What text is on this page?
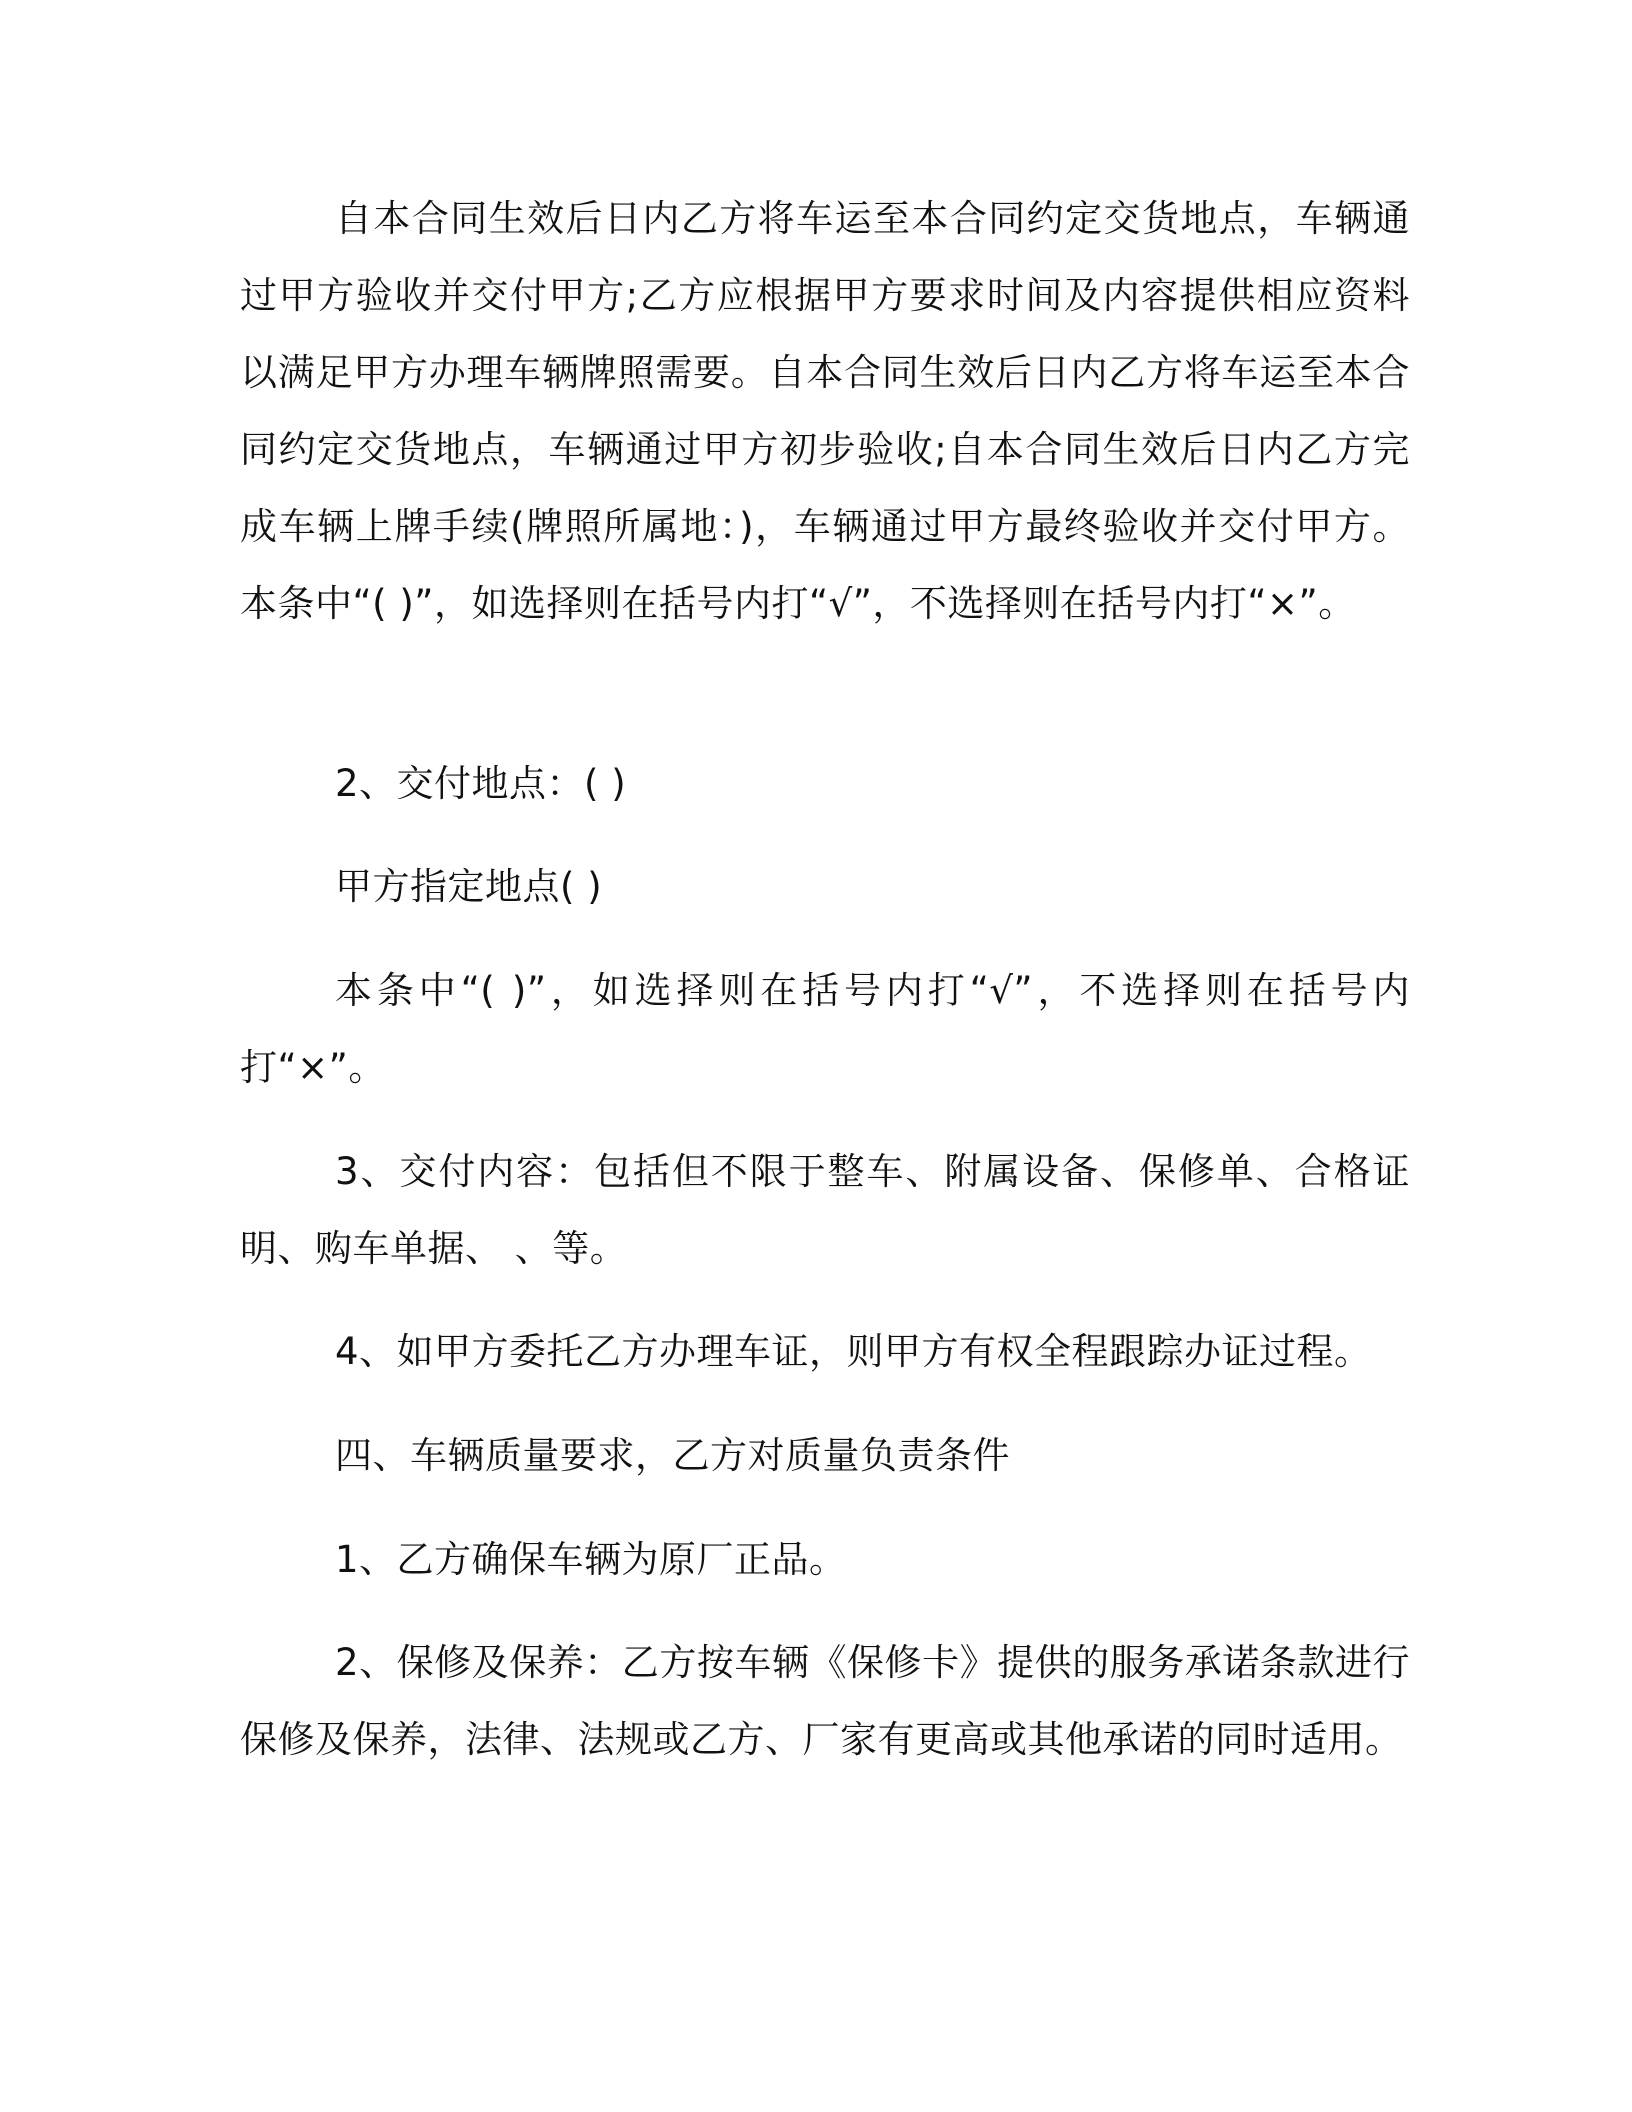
自本合同生效后日内乙方将车运至本合同约定交货地点，车辆通过甲方验收并交付甲方;乙方应根据甲方要求时间及内容提供相应资料以满足甲方办理车辆牌照需要。自本合同生效后日内乙方将车运至本合同约定交货地点，车辆通过甲方初步验收;自本合同生效后日内乙方完成车辆上牌手续(牌照所属地：)，车辆通过甲方最终验收并交付甲方。本条中“( )”，如选择则在括号内打“√”，不选择则在括号内打“×”。

2、交付地点：( )

甲方指定地点( )

本条中“( )”，如选择则在括号内打“√”，不选择则在括号内打“×”。

3、交付内容：包括但不限于整车、附属设备、保修单、合格证明、购车单据、 、等。

4、如甲方委托乙方办理车证，则甲方有权全程跟踪办证过程。

四、车辆质量要求，乙方对质量负责条件

1、乙方确保车辆为原厂正品。

2、保修及保养：乙方按车辆《保修卡》提供的服务承诺条款进行保修及保养，法律、法规或乙方、厂家有更高或其他承诺的同时适用。
